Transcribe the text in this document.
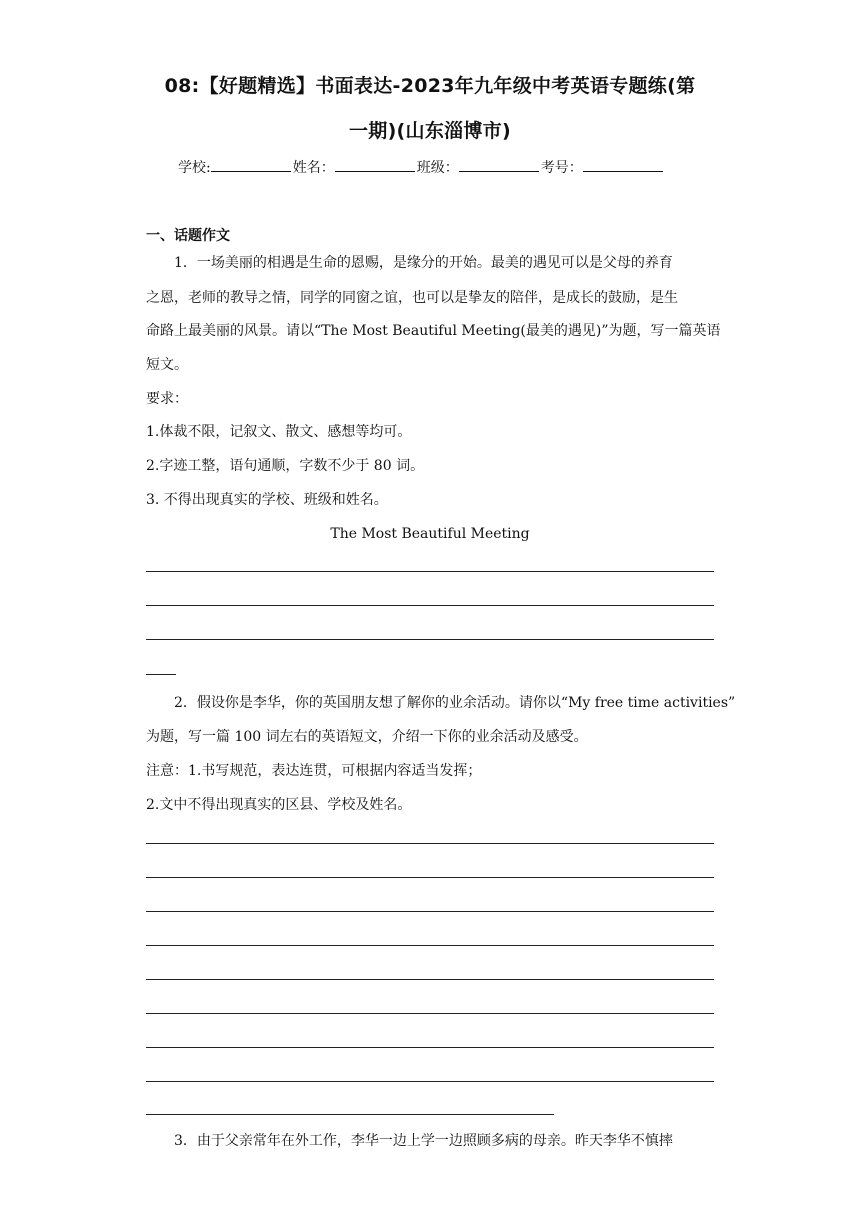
08:【好题精选】书面表达-2023年九年级中考英语专题练(第
一期)(山东淄博市)
学校:	姓名：	班级：	考号：
一、话题作文
1．一场美丽的相遇是生命的恩赐，是缘分的开始。最美的遇见可以是父母的养育
之恩，老师的教导之情，同学的同窗之谊，也可以是挚友的陪伴，是成长的鼓励，是生
命路上最美丽的风景。请以“The Most Beautiful Meeting(最美的遇见)”为题，写一篇英语
短文。
要求：
1.体裁不限，记叙文、散文、感想等均可。
2.字迹工整，语句通顺，字数不少于 80 词。
3. 不得出现真实的学校、班级和姓名。
The Most Beautiful Meeting
2．假设你是李华，你的英国朋友想了解你的业余活动。请你以“My free time activities”
为题，写一篇 100 词左右的英语短文，介绍一下你的业余活动及感受。
注意：1.书写规范，表达连贯，可根据内容适当发挥；
2.文中不得出现真实的区县、学校及姓名。
3．由于父亲常年在外工作，李华一边上学一边照顾多病的母亲。昨天李华不慎摔
